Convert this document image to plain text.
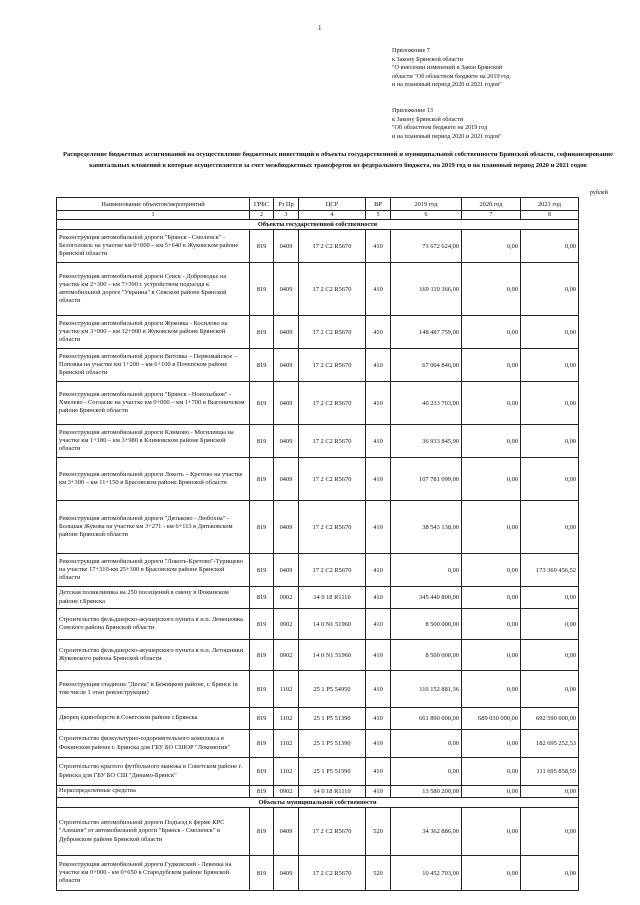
1
Приложение 7
к Закону Брянской области
"О внесении изменений в Закон Брянской
области "Об областном бюджете на 2019 год
и на плановый период 2020 и 2021 годов"
Приложение 13
к Закону Брянской области
"Об областном бюджете на 2019 год
и на плановый период 2020 и 2021 годов"
Распределение бюджетных ассигнований на осуществление бюджетных инвестиций в объекты государственной и муниципальной собственности Брянской области, софинансирование капитальных вложений в которые осуществляется за счет межбюджетных трансфертов из федерального бюджета, на 2019 год и на плановый период 2020 и 2021 годов
рублей
Наименование объектов/мероприятий	ГРБС	Рз Пр	ЦСР	ВР	2019 год	2020 год	2021 год
1	2	3	4	5	6	7	8
Объекты государственной собственности							
Реконструкция автомобильной дороги "Брянск - Смоленск" - Белоголовль на участке км 0+000 – км 5+640 в Жуковском районе Брянской области	819	0409	17 2 C2 R5670	410	73 672 624,00	0,00	0,00
Реконструкция автомобильной дороги Севск - Доброводье на участке км 2+300 – км 7+390 с устройством подъезда к автомобильной дороге "Украина" в Севском районе Брянской области	819	0409	17 2 C2 R5670	410	169 110 366,00	0,00	0,00
Реконструкция автомобильной дороги Жуковка - Косилово на участке км 3+000 – км 12+000 в Жуковском районе Брянской области	819	0409	17 2 C2 R5670	410	148 487 759,00	0,00	0,00
Реконструкция автомобильной дороги Витовка – Первомайское – Поповка на участке км 1+200 – км 6+100 в Почепском районе Брянской области	819	0409	17 2 C2 R5670	410	67 004 846,00	0,00	0,00
Реконструкция автомобильной дороги "Брянск - Новозыбков" - Хмелево - Согласие на участке км 0+000 – км 1+700 в Выгоничском районе Брянской области	819	0409	17 2 C2 R5670	410	40 233 703,00	0,00	0,00
Реконструкция автомобильной дороги Климово - Могилевцы на участке км 1+180 – км 3+980 в Климовском районе Брянской области	819	0409	17 2 C2 R5670	410	36 933 845,00	0,00	0,00
Реконструкция автомобильной дороги Локоть – Кретово на участке км 3+300 – км 11+150 в Брасовском районе Брянской области	819	0409	17 2 C2 R5670	410	107 781 099,00	0,00	0,00
Реконструкция автомобильной дороги "Дятьково - Любохна" - Большая Жукова на участке км 3+271 - км 6+113 в Дятьковском районе Брянской области	819	0409	17 2 C2 R5670	410	38 543 138,00	0,00	0,00
Реконструкция автомобильной дороги "Локоть-Кретово"-Турищево на участке 17+310-км 25+300 в Брасовском районе Брянской области	819	0409	17 2 C2 R5670	410	0,00	0,00	173 369 456,52
Детская поликлиника на 250 посещений в смену в Фокинском районе г.Брянска	819	0902	14 0 18 R1110	410	345 449 800,00	0,00	0,00
Строительство фельдшерско-акушерского пункта в н.п. Лемешовка Севского района Брянской области	819	0902	14 0 N1 51960	410	8 500 000,00	0,00	0,00
Строительство фельдшерско-акушерского пункта в н.п. Летошники Жуковского района Брянской области	819	0902	14 0 N1 51960	410	8 500 000,00	0,00	0,00
Реконструкция стадиона "Десна" в Бежицком районе, г. Брянск (в том числе 1 этап реконструкции)	819	1102	25 1 P5 54950	410	110 152 881,36	0,00	0,00
Дворец единоборств в Советском районе г.Брянска	819	1102	25 1 P5 51390	410	661 890 000,00	689 030 000,00	692 590 000,00
Строительство физкультурно-оздоровительного комплекса в Фокинском районе г. Брянска для ГБУ БО СШОР "Локомотив"	819	1102	25 1 P5 51390	410	0,00	0,00	182 695 252,53
Строительство крытого футбольного манежа в Советском районе г. Брянска для ГБУ БО СШ "Динамо-Брянск"	819	1102	25 1 P5 51390	410	0,00	0,00	111 695 858,59
Нераспределенные средства	819	0902	14 0 18 R1110	410	13 580 200,00	0,00	0,00
Объекты муниципальной собственности							
Строительство автомобильной дороги Подъезд к ферме КРС "Алешня" от автомобильной дороги "Брянск - Смоленск" в Дубровском районе Брянской области	819	0409	17 2 C2 R5670	520	34 362 886,00	0,00	0,00
Реконструкция автомобильной дороги Гудковский - Левенка на участке км 0+000 - км 0+650 в Стародубском районе Брянской области	819	0409	17 2 C2 R5670	520	10 452 703,00	0,00	0,00
